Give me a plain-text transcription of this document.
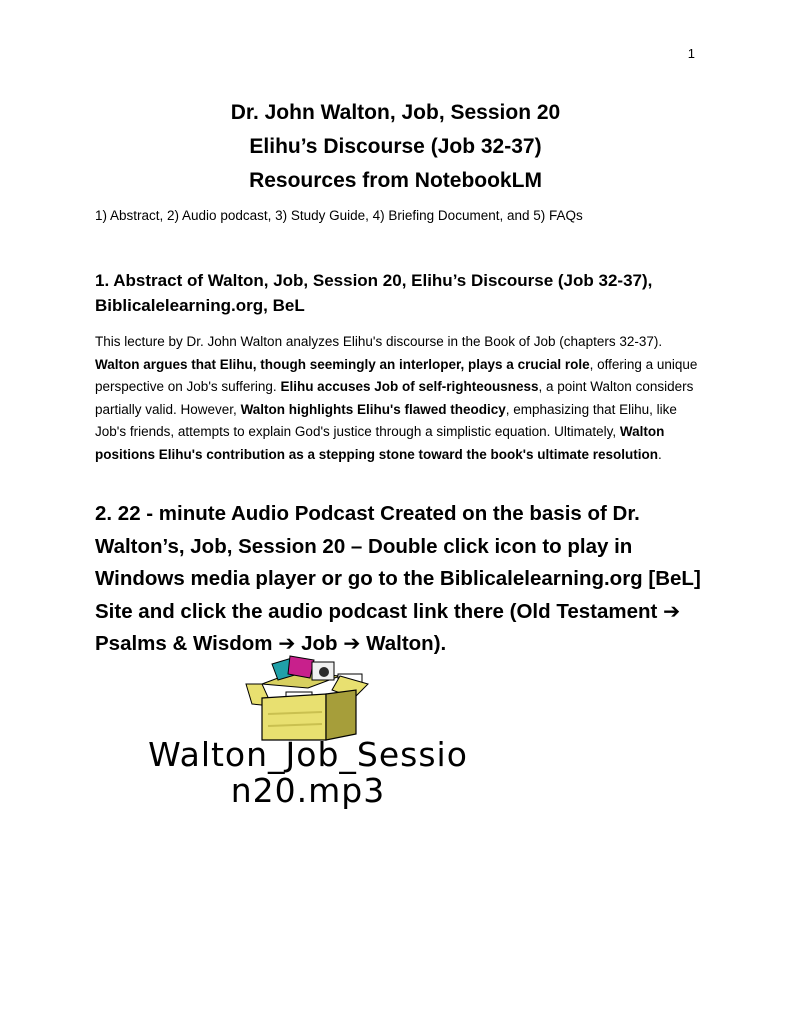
1
Dr. John Walton, Job, Session 20
Elihu’s Discourse (Job 32-37)
Resources from NotebookLM
1) Abstract, 2) Audio podcast, 3) Study Guide, 4) Briefing Document, and 5) FAQs
1. Abstract of Walton, Job, Session 20, Elihu’s Discourse (Job 32-37), Biblicalelearning.org, BeL
This lecture by Dr. John Walton analyzes Elihu's discourse in the Book of Job (chapters 32-37). Walton argues that Elihu, though seemingly an interloper, plays a crucial role, offering a unique perspective on Job's suffering. Elihu accuses Job of self-righteousness, a point Walton considers partially valid. However, Walton highlights Elihu's flawed theodicy, emphasizing that Elihu, like Job's friends, attempts to explain God's justice through a simplistic equation. Ultimately, Walton positions Elihu's contribution as a stepping stone toward the book's ultimate resolution.
2. 22 - minute Audio Podcast Created on the basis of Dr. Walton’s, Job, Session 20 – Double click icon to play in Windows media player or go to the Biblicalelearning.org [BeL] Site and click the audio podcast link there (Old Testament ➔ Psalms & Wisdom ➔ Job ➔ Walton).
Walton_Job_Sessio
n20.mp3
